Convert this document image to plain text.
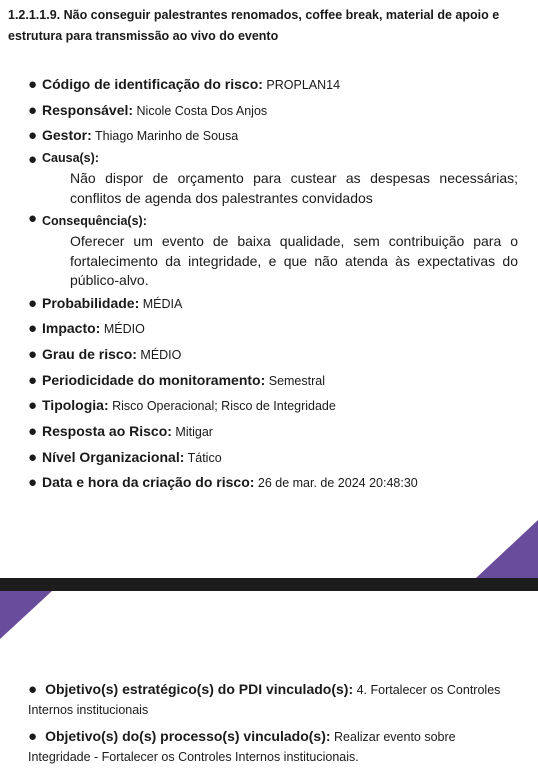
1.2.1.1.9. Não conseguir palestrantes renomados, coffee break, material de apoio e estrutura para transmissão ao vivo do evento

● Código de identificação do risco: PROPLAN14
● Responsável: Nicole Costa Dos Anjos
● Gestor: Thiago Marinho de Sousa
● Causa(s):

Não dispor de orçamento para custear as despesas necessárias; conflitos de agenda dos palestrantes convidados

● Consequência(s):

Oferecer um evento de baixa qualidade, sem contribuição para o fortalecimento da integridade, e que não atenda às expectativas do público-alvo.

● Probabilidade: MÉDIA
● Impacto: MÉDIO
● Grau de risco: MÉDIO
● Periodicidade do monitoramento: Semestral
● Tipologia: Risco Operacional; Risco de Integridade
● Resposta ao Risco: Mitigar
● Nível Organizacional: Tático
● Data e hora da criação do risco: 26 de mar. de 2024 20:48:30
● Objetivo(s) estratégico(s) do PDI vinculado(s): 4. Fortalecer os Controles Internos institucionais
● Objetivo(s) do(s) processo(s) vinculado(s): Realizar evento sobre Integridade - Fortalecer os Controles Internos institucionais.
